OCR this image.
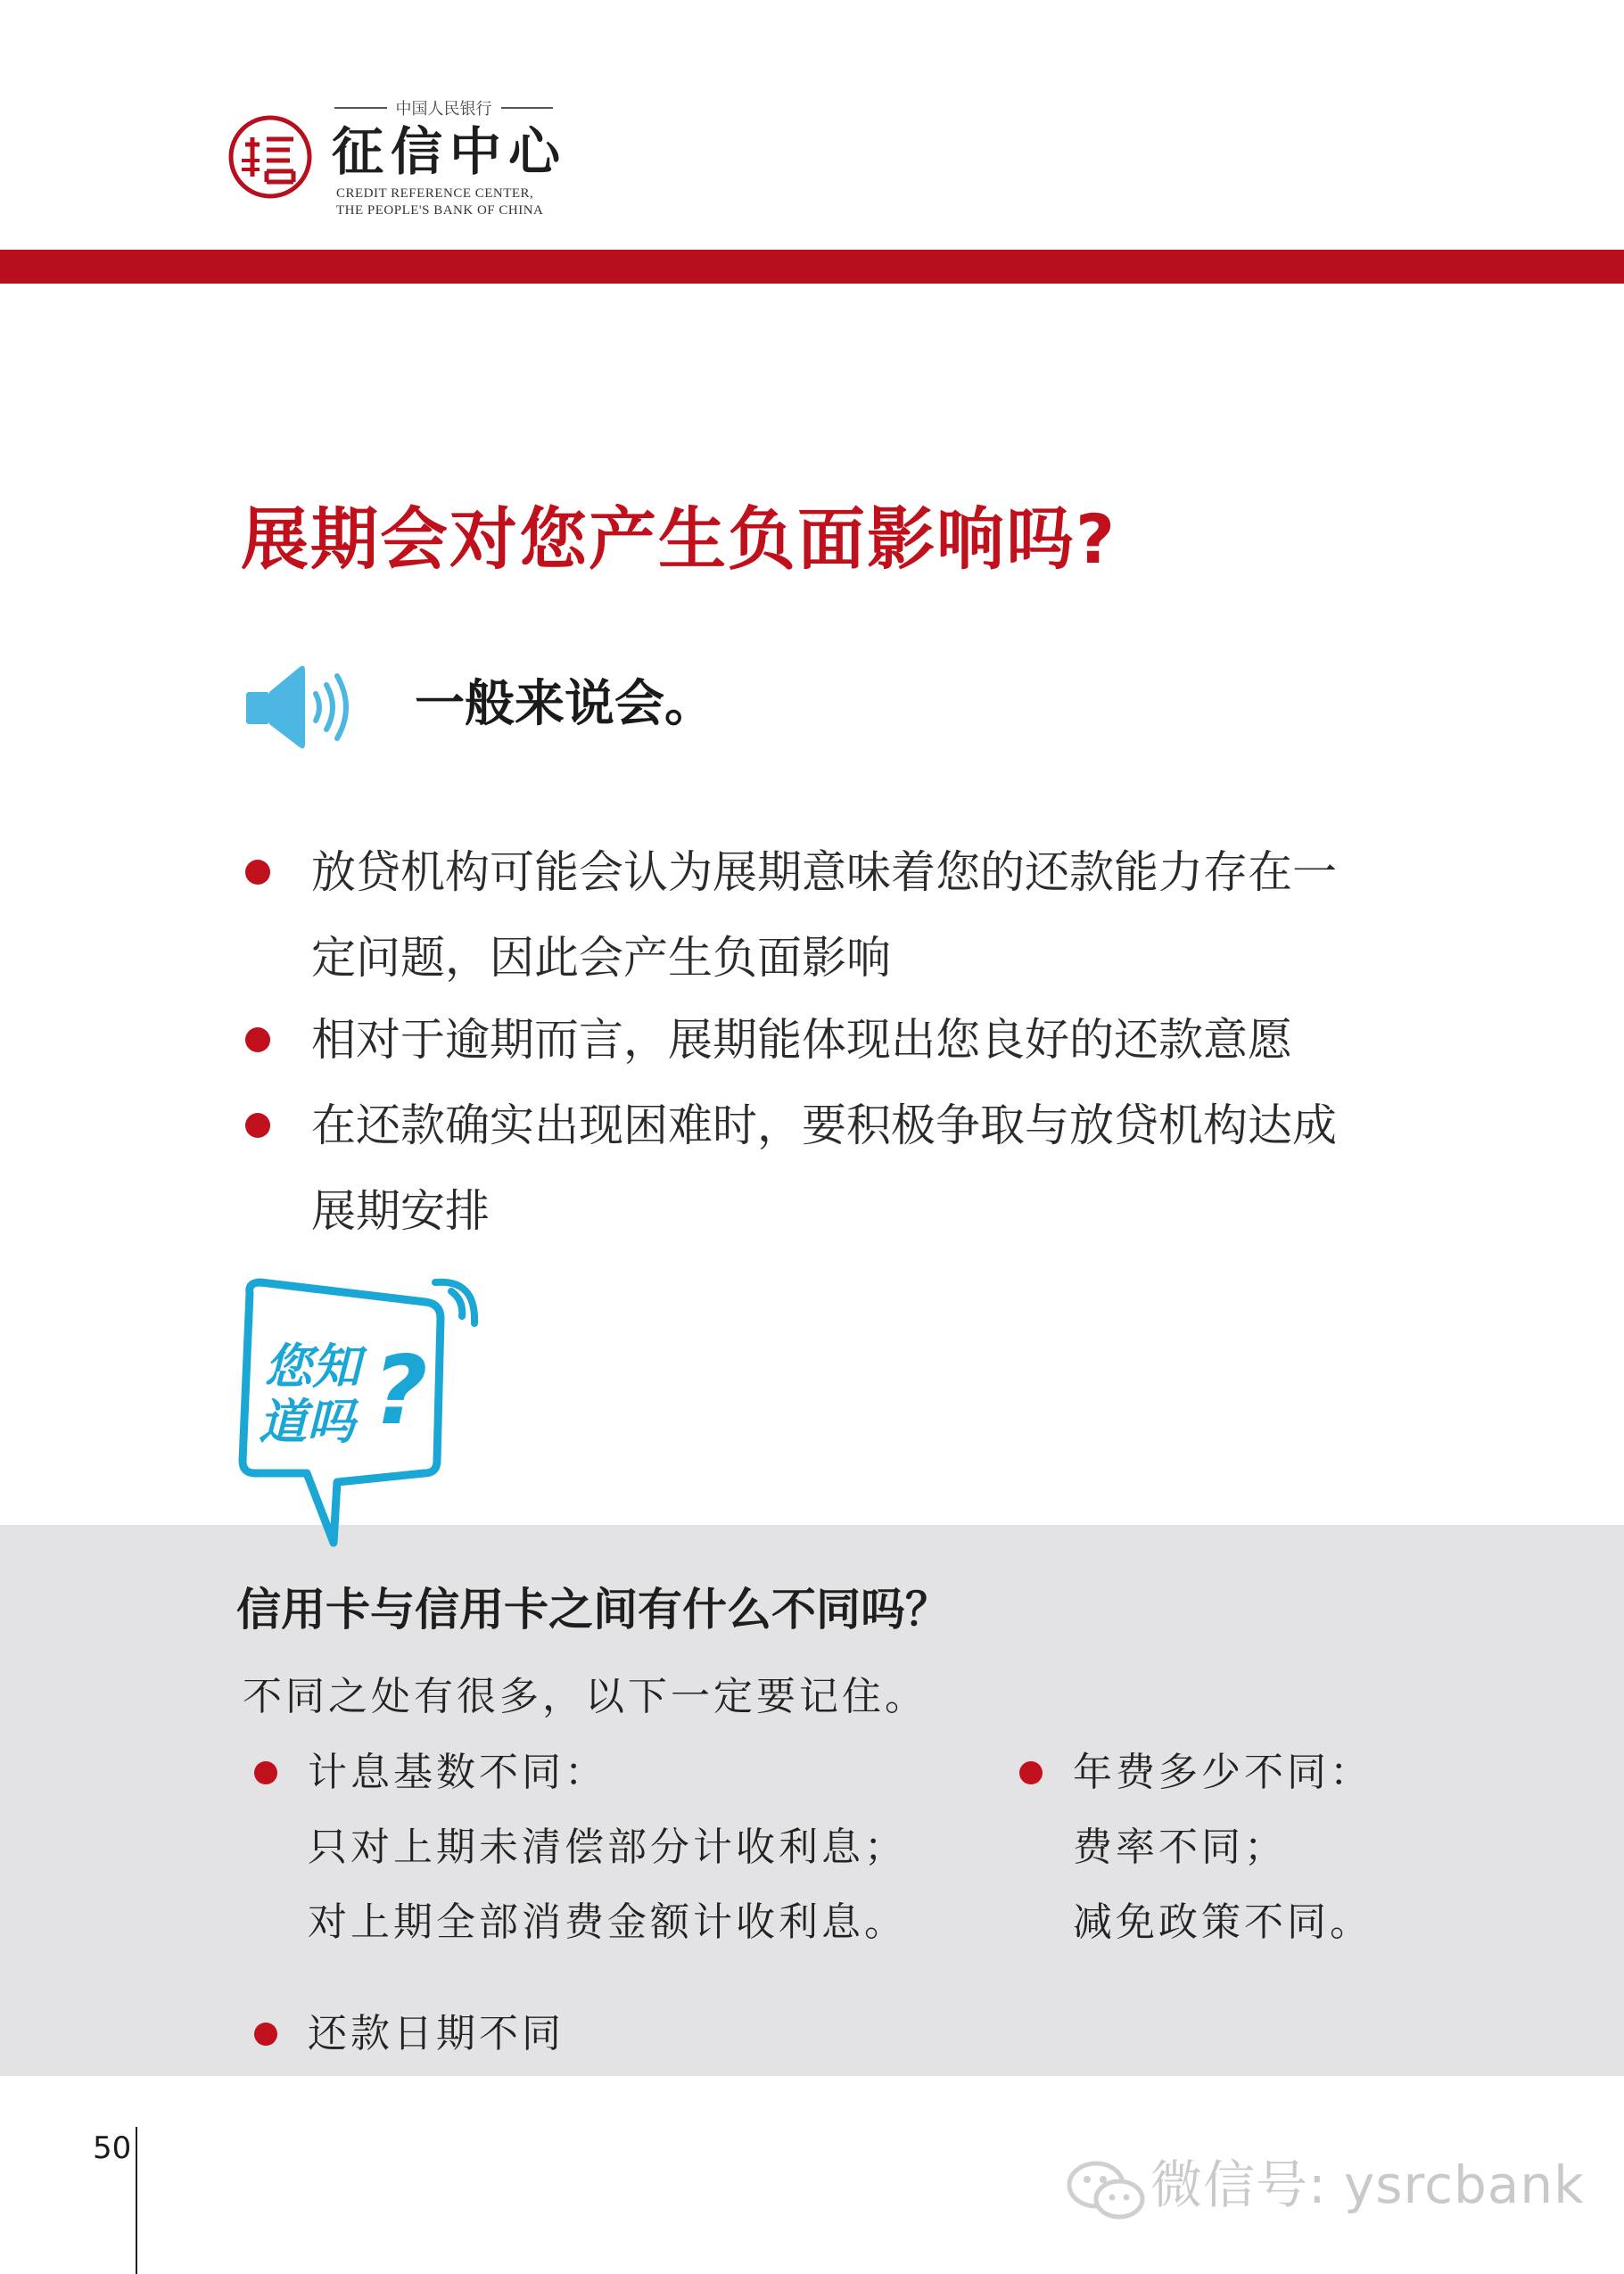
中国人民银行
征信中心
CREDIT REFERENCE CENTER,
THE PEOPLE'S BANK OF CHINA
展期会对您产生负面影响吗?
一般来说会。
放贷机构可能会认为展期意味着您的还款能力存在一定问题，因此会产生负面影响
相对于逾期而言，展期能体现出您良好的还款意愿
在还款确实出现困难时，要积极争取与放贷机构达成展期安排
您知
道吗 ?
信用卡与信用卡之间有什么不同吗？
不同之处有很多，以下一定要记住。
计息基数不同：
只对上期未清偿部分计收利息；
对上期全部消费金额计收利息。
年费多少不同：
费率不同；
减免政策不同。
还款日期不同
50
微信号: ysrcbank
